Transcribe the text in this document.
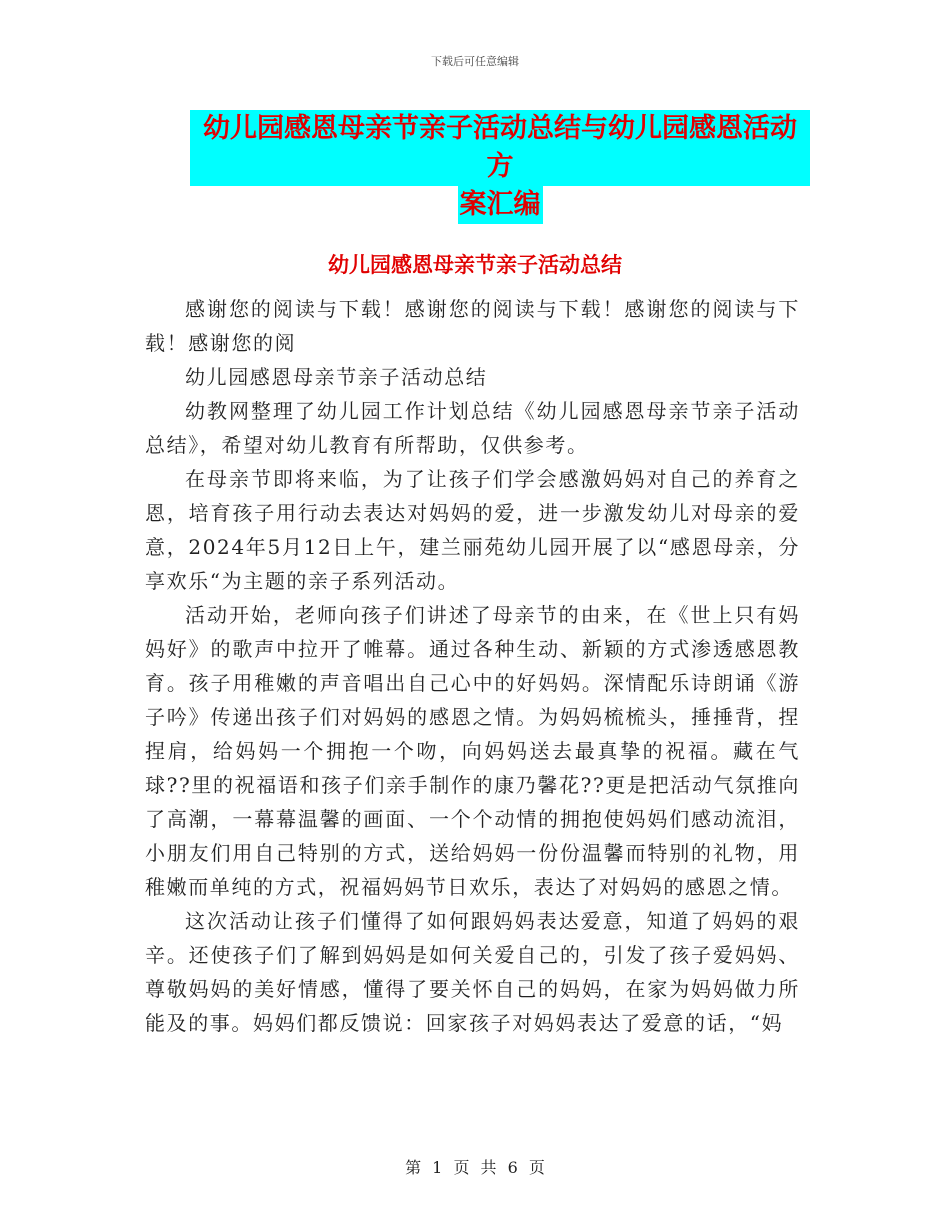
下载后可任意编辑
幼儿园感恩母亲节亲子活动总结与幼儿园感恩活动方
案汇编
幼儿园感恩母亲节亲子活动总结

感谢您的阅读与下载！感谢您的阅读与下载！感谢您的阅读与下载！感谢您的阅

幼儿园感恩母亲节亲子活动总结

幼教网整理了幼儿园工作计划总结《幼儿园感恩母亲节亲子活动总结》，希望对幼儿教育有所帮助，仅供参考。

在母亲节即将来临，为了让孩子们学会感激妈妈对自己的养育之恩，培育孩子用行动去表达对妈妈的爱，进一步激发幼儿对母亲的爱意，2024年5月12日上午，建兰丽苑幼儿园开展了以“感恩母亲，分享欢乐“为主题的亲子系列活动。

活动开始，老师向孩子们讲述了母亲节的由来，在《世上只有妈妈好》的歌声中拉开了帷幕。通过各种生动、新颖的方式渗透感恩教育。孩子用稚嫩的声音唱出自己心中的好妈妈。深情配乐诗朗诵《游子吟》传递出孩子们对妈妈的感恩之情。为妈妈梳梳头，捶捶背，捏捏肩，给妈妈一个拥抱一个吻，向妈妈送去最真挚的祝福。藏在气球??里的祝福语和孩子们亲手制作的康乃馨花??更是把活动气氛推向了高潮，一幕幕温馨的画面、一个个动情的拥抱使妈妈们感动流泪，小朋友们用自己特别的方式，送给妈妈一份份温馨而特别的礼物，用稚嫩而单纯的方式，祝福妈妈节日欢乐，表达了对妈妈的感恩之情。

这次活动让孩子们懂得了如何跟妈妈表达爱意，知道了妈妈的艰辛。还使孩子们了解到妈妈是如何关爱自己的，引发了孩子爱妈妈、尊敬妈妈的美好情感，懂得了要关怀自己的妈妈，在家为妈妈做力所能及的事。妈妈们都反馈说：回家孩子对妈妈表达了爱意的话，“妈

第 1 页 共 6 页
